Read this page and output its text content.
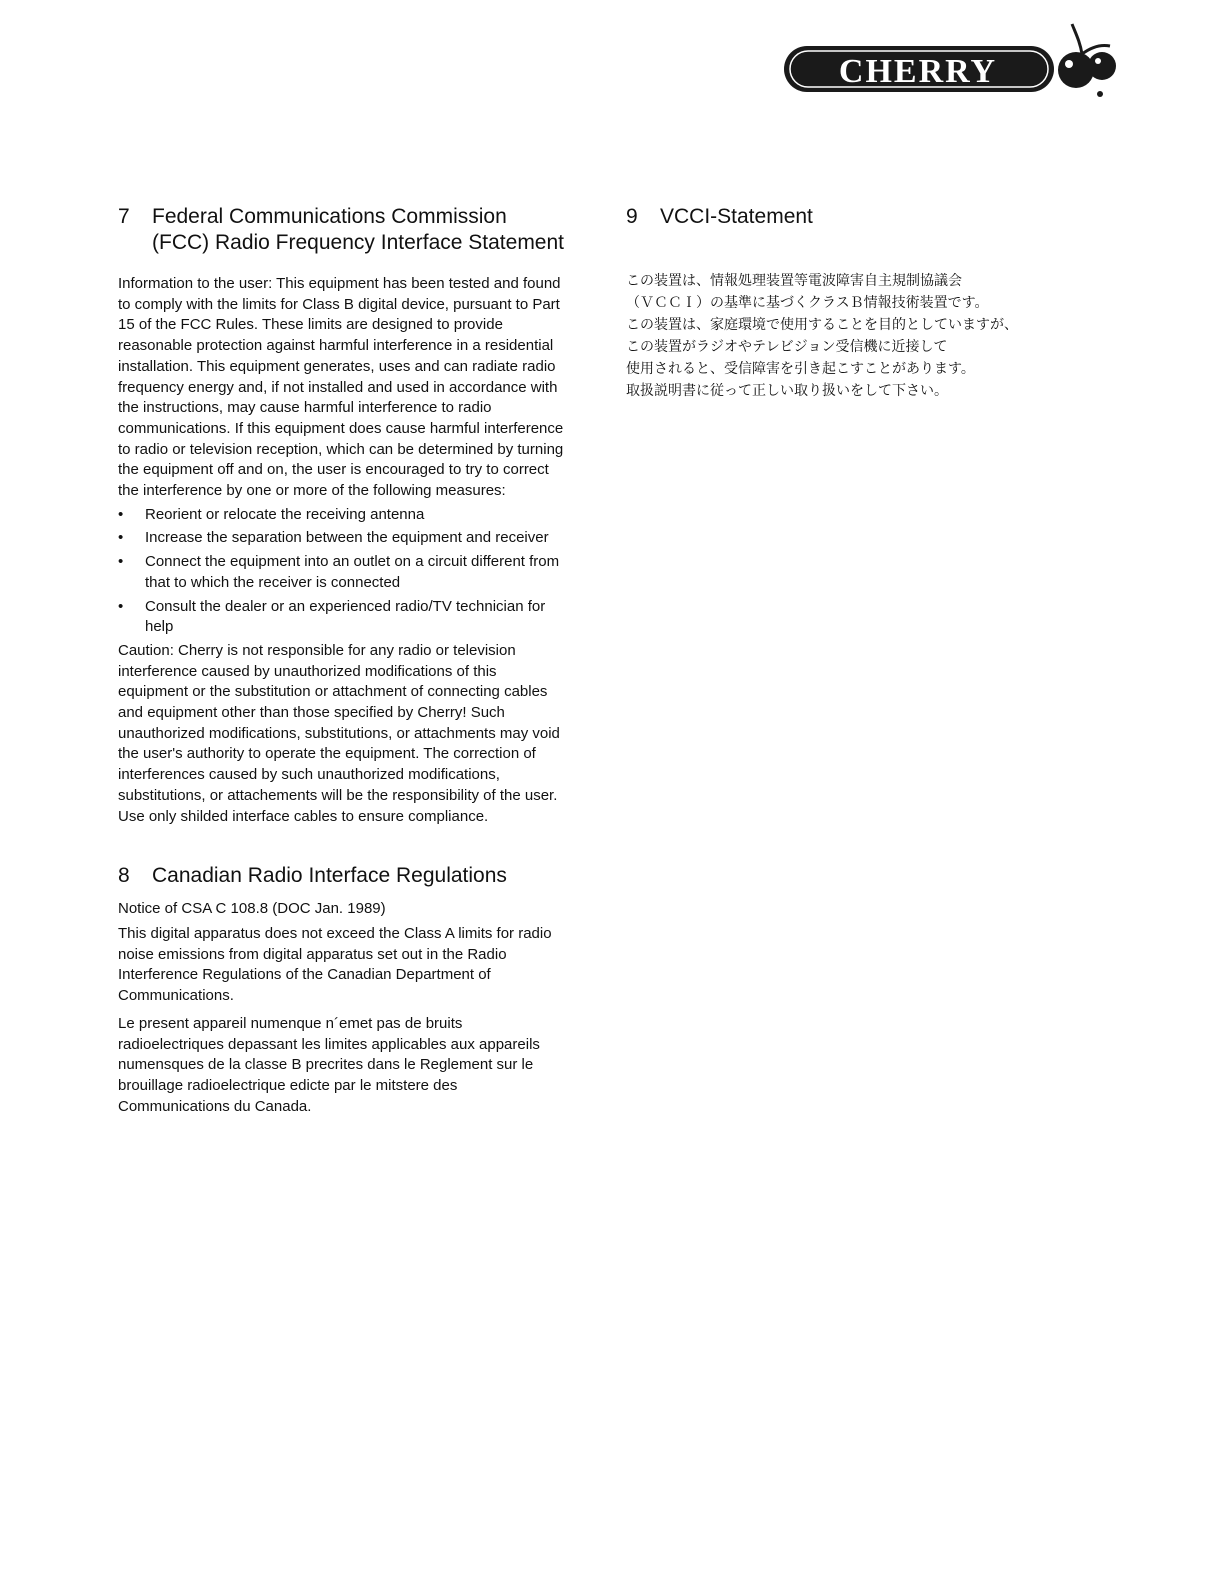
CHERRY
7	Federal Communications Commission (FCC) Radio Frequency Interface Statement

Information to the user: This equipment has been tested and found to comply with the limits for Class B digital device, pursuant to Part 15 of the FCC Rules. These limits are designed to provide reasonable protection against harmful interference in a residential installation. This equipment generates, uses and can radiate radio frequency energy and, if not installed and used in accordance with the instructions, may cause harmful interference to radio communications. If this equipment does cause harmful interference to radio or television reception, which can be determined by turning the equipment off and on, the user is encouraged to try to correct the interference by one or more of the following measures:

• Reorient or relocate the receiving antenna
• Increase the separation between the equipment and receiver
• Connect the equipment into an outlet on a circuit different from that to which the receiver is connected
• Consult the dealer or an experienced radio/TV technician for help

Caution: Cherry is not responsible for any radio or television interference caused by unauthorized modifications of this equipment or the substitution or attachment of connecting cables and equipment other than those specified by Cherry! Such unauthorized modifications, substitutions, or attachments may void the user's authority to operate the equipment. The correction of interferences caused by such unauthorized modifications, substitutions, or attachements will be the responsibility of the user. Use only shilded interface cables to ensure compliance.

8	Canadian Radio Interface Regulations

Notice of CSA C 108.8 (DOC Jan. 1989)

This digital apparatus does not exceed the Class A limits for radio noise emissions from digital apparatus set out in the Radio Interference Regulations of the Canadian Department of Communications.

Le present appareil numenque n´emet pas de bruits radioelectriques depassant les limites applicables aux appareils numensques de la classe B precrites dans le Reglement sur le brouillage radioelectrique edicte par le mitstere des Communications du Canada.

9	VCCI-Statement

この装置は、情報処理装置等電波障害自主規制協議会

（ＶＣＣＩ）の基準に基づくクラスＢ情報技術装置です。

この装置は、家庭環境で使用することを目的としていますが、

この装置がラジオやテレビジョン受信機に近接して

使用されると、受信障害を引き起こすことがあります。

取扱説明書に従って正しい取り扱いをして下さい。
